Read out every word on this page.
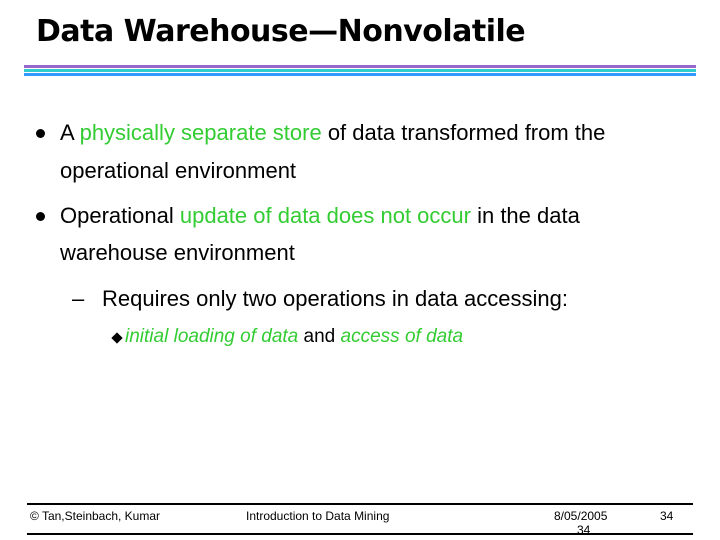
Data Warehouse—Nonvolatile
A physically separate store of data transformed from the
operational environment
Operational update of data does not occur in the data
warehouse environment
– Requires only two operations in data accessing:
initial loading of data and access of data
© Tan,Steinbach, Kumar	Introduction to Data Mining	8/05/2005
34
34
